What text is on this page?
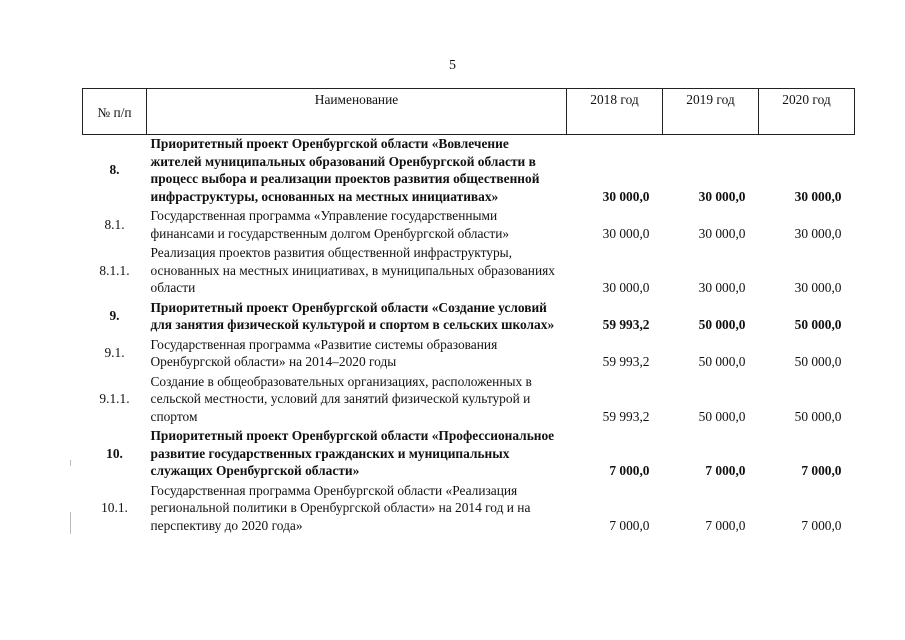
5
№ п/п	Наименование	2018 год	2019 год	2020 год
8.	Приоритетный проект Оренбургской области «Вовлечение жителей муниципальных образований Оренбургской области в процесс выбора и реализации проектов развития общественной инфраструктуры, основанных на местных инициативах»	30 000,0	30 000,0	30 000,0
8.1.	Государственная программа «Управление государственными финансами и государственным долгом Оренбургской области»	30 000,0	30 000,0	30 000,0
8.1.1.	Реализация проектов развития общественной инфраструктуры, основанных на местных инициативах, в муниципальных образованиях области	30 000,0	30 000,0	30 000,0
9.	Приоритетный проект Оренбургской области «Создание условий для занятия физической культурой и спортом в сельских школах»	59 993,2	50 000,0	50 000,0
9.1.	Государственная программа «Развитие системы образования Оренбургской области» на 2014–2020 годы	59 993,2	50 000,0	50 000,0
9.1.1.	Создание в общеобразовательных организациях, расположенных в сельской местности, условий для занятий физической культурой и спортом	59 993,2	50 000,0	50 000,0
10.	Приоритетный проект Оренбургской области «Профессиональное развитие государственных гражданских и муниципальных служащих Оренбургской области»	7 000,0	7 000,0	7 000,0
10.1.	Государственная программа Оренбургской области «Реализация региональной политики в Оренбургской области» на 2014 год и на перспективу до 2020 года»	7 000,0	7 000,0	7 000,0
